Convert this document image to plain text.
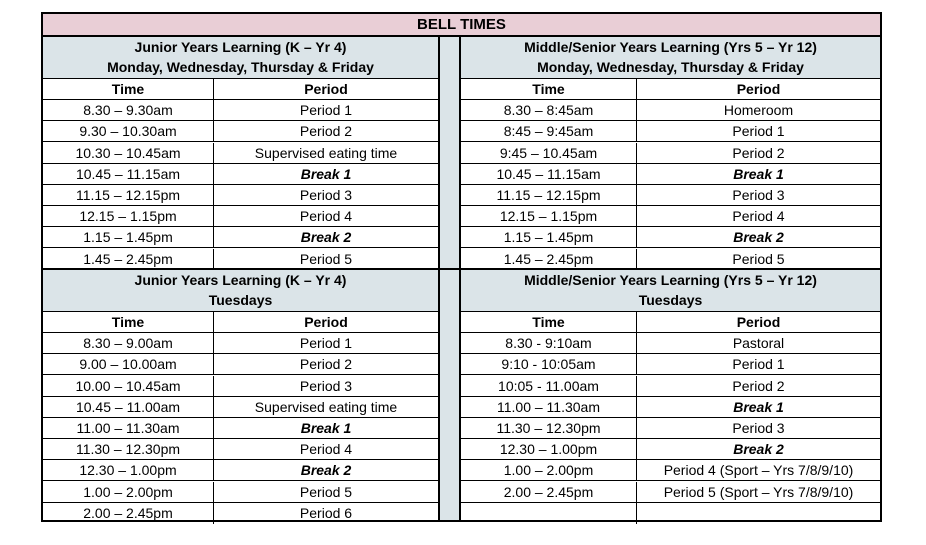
BELL TIMES
Junior Years Learning (K – Yr 4)
Monday, Wednesday, Thursday & Friday
Time	Period
8.30 – 9.30am	Period 1
9.30 – 10.30am	Period 2
10.30 – 10.45am	Supervised eating time
10.45 – 11.15am	Break 1
11.15 – 12.15pm	Period 3
12.15 – 1.15pm	Period 4
1.15 – 1.45pm	Break 2
1.45 – 2.45pm	Period 5
Middle/Senior Years Learning (Yrs 5 – Yr 12)
Monday, Wednesday, Thursday & Friday
Time	Period
8.30 – 8:45am	Homeroom
8:45 – 9:45am	Period 1
9:45 – 10.45am	Period 2
10.45 – 11.15am	Break 1
11.15 – 12.15pm	Period 3
12.15 – 1.15pm	Period 4
1.15 – 1.45pm	Break 2
1.45 – 2.45pm	Period 5
Junior Years Learning (K – Yr 4)
Tuesdays
Time	Period
8.30 – 9.00am	Period 1
9.00 – 10.00am	Period 2
10.00 – 10.45am	Period 3
10.45 – 11.00am	Supervised eating time
11.00 – 11.30am	Break 1
11.30 – 12.30pm	Period 4
12.30 – 1.00pm	Break 2
1.00 – 2.00pm	Period 5
2.00 – 2.45pm	Period 6
Middle/Senior Years Learning (Yrs 5 – Yr 12)
Tuesdays
Time	Period
8.30 - 9:10am	Pastoral
9:10 - 10:05am	Period 1
10:05 - 11.00am	Period 2
11.00 – 11.30am	Break 1
11.30 – 12.30pm	Period 3
12.30 – 1.00pm	Break 2
1.00 – 2.00pm	Period 4 (Sport – Yrs 7/8/9/10)
2.00 – 2.45pm	Period 5 (Sport – Yrs 7/8/9/10)
